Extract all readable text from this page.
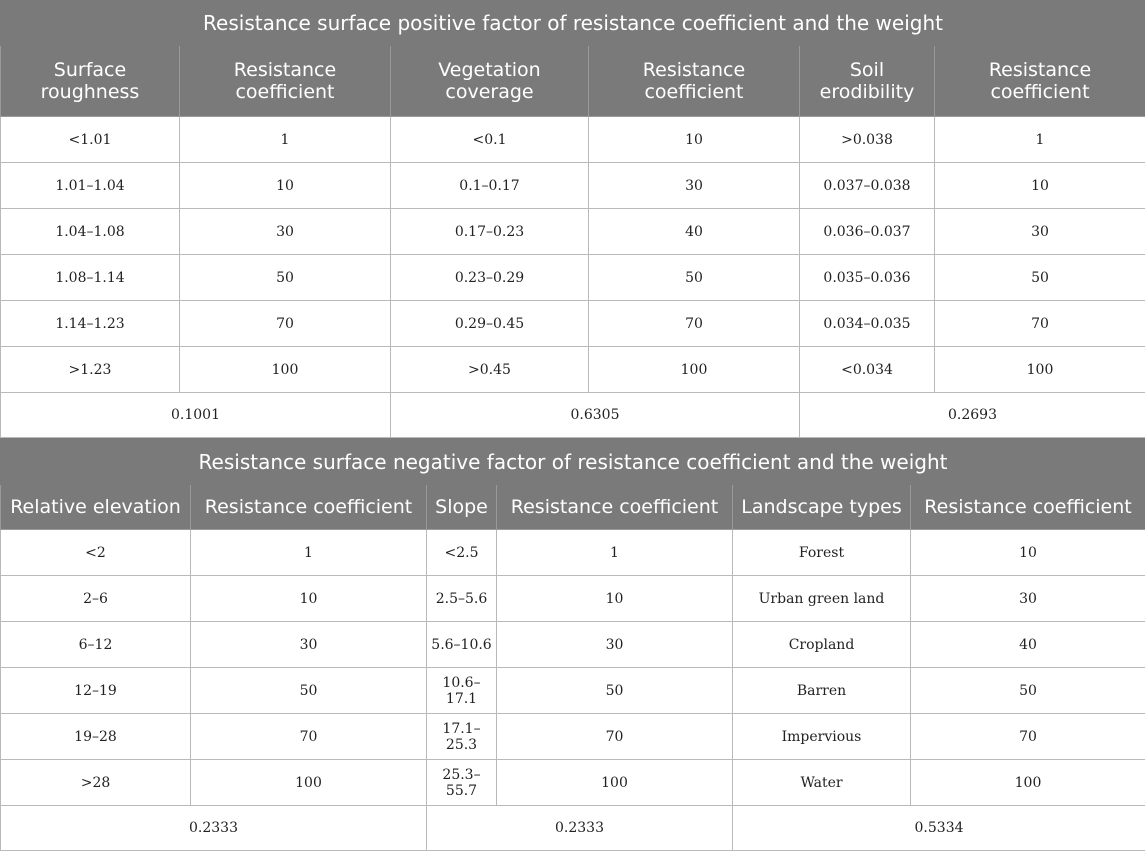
Resistance surface positive factor of resistance coefficient and the weight					
Surface roughness	Resistance coefficient	Vegetation coverage	Resistance coefficient	Soil erodibility	Resistance coefficient
<1.01	1	<0.1	10	>0.038	1
1.01–1.04	10	0.1–0.17	30	0.037–0.038	10
1.04–1.08	30	0.17–0.23	40	0.036–0.037	30
1.08–1.14	50	0.23–0.29	50	0.035–0.036	50
1.14–1.23	70	0.29–0.45	70	0.034–0.035	70
>1.23	100	>0.45	100	<0.034	100
0.1001		0.6305		0.2693	
Resistance surface negative factor of resistance coefficient and the weight					
Relative elevation	Resistance coefficient	Slope	Resistance coefficient	Landscape types	Resistance coefficient
<2	1	<2.5	1	Forest	10
2–6	10	2.5–5.6	10	Urban green land	30
6–12	30	5.6–10.6	30	Cropland	40
12–19	50	10.6–17.1	50	Barren	50
19–28	70	17.1–25.3	70	Impervious	70
>28	100	25.3–55.7	100	Water	100
0.2333		0.2333		0.5334	
